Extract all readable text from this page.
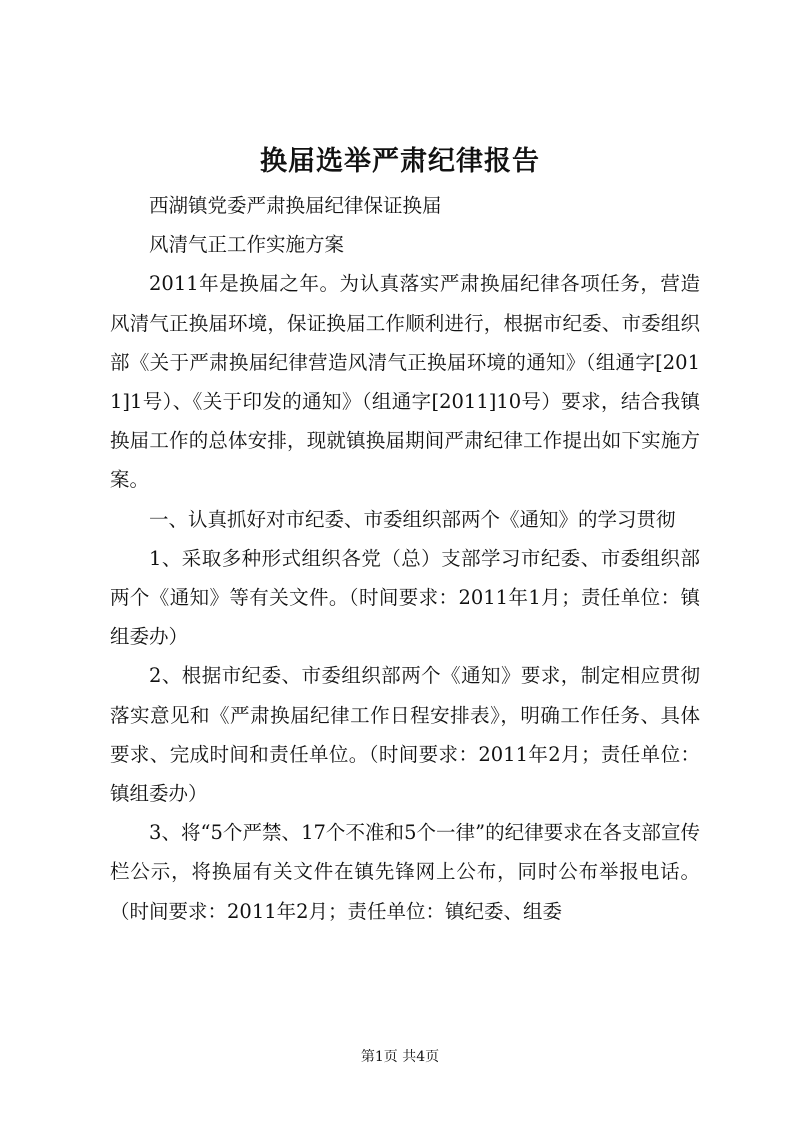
换届选举严肃纪律报告

西湖镇党委严肃换届纪律保证换届

风清气正工作实施方案

2011年是换届之年。为认真落实严肃换届纪律各项任务，营造风清气正换届环境，保证换届工作顺利进行，根据市纪委、市委组织部《关于严肃换届纪律营造风清气正换届环境的通知》（组通字[2011]1号）、《关于印发的通知》（组通字[2011]10号）要求，结合我镇换届工作的总体安排，现就镇换届期间严肃纪律工作提出如下实施方案。

一、认真抓好对市纪委、市委组织部两个《通知》的学习贯彻

1、采取多种形式组织各党（总）支部学习市纪委、市委组织部两个《通知》等有关文件。（时间要求：2011年1月；责任单位：镇组委办）

2、根据市纪委、市委组织部两个《通知》要求，制定相应贯彻落实意见和《严肃换届纪律工作日程安排表》，明确工作任务、具体要求、完成时间和责任单位。（时间要求：2011年2月；责任单位：镇组委办）

3、将“5个严禁、17个不准和5个一律”的纪律要求在各支部宣传栏公示，将换届有关文件在镇先锋网上公布，同时公布举报电话。（时间要求：2011年2月；责任单位：镇纪委、组委

第1页 共4页
